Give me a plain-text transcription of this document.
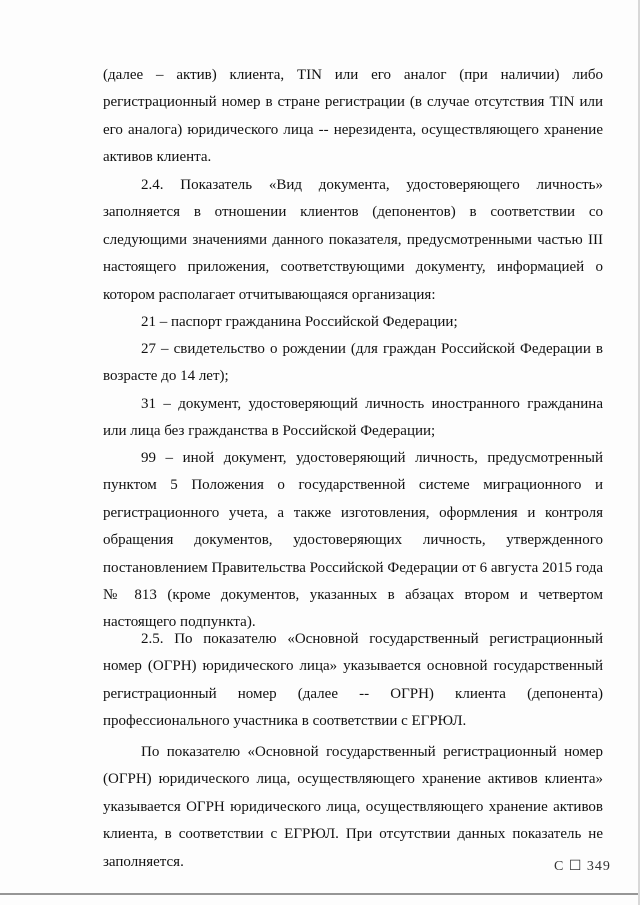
(далее – актив) клиента, TIN или его аналог (при наличии) либо регистрационный номер в стране регистрации (в случае отсутствия TIN или его аналога) юридического лица -- нерезидента, осуществляющего хранение активов клиента.

2.4. Показатель «Вид документа, удостоверяющего личность» заполняется в отношении клиентов (депонентов) в соответствии со следующими значениями данного показателя, предусмотренными частью III настоящего приложения, соответствующими документу, информацией о котором располагает отчитывающаяся организация:

21 – паспорт гражданина Российской Федерации;

27 – свидетельство о рождении (для граждан Российской Федерации в возрасте до 14 лет);

31 – документ, удостоверяющий личность иностранного гражданина или лица без гражданства в Российской Федерации;

99 – иной документ, удостоверяющий личность, предусмотренный пунктом 5 Положения о государственной системе миграционного и регистрационного учета, а также изготовления, оформления и контроля обращения документов, удостоверяющих личность, утвержденного постановлением Правительства Российской Федерации от 6 августа 2015 года № 813 (кроме документов, указанных в абзацах втором и четвертом настоящего подпункта).

2.5. По показателю «Основной государственный регистрационный номер (ОГРН) юридического лица» указывается основной государственный регистрационный номер (далее -- ОГРН) клиента (депонента) профессионального участника в соответствии с ЕГРЮЛ.

По показателю «Основной государственный регистрационный номер (ОГРН) юридического лица, осуществляющего хранение активов клиента» указывается ОГРН юридического лица, осуществляющего хранение активов клиента, в соответствии с ЕГРЮЛ. При отсутствии данных показатель не заполняется.	С ☐ 349
